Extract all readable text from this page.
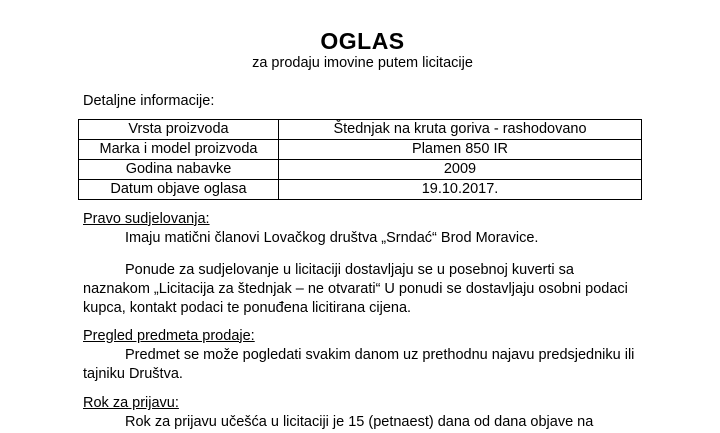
OGLAS

za prodaju imovine putem licitacije

Detaljne informacije:

Vrsta proizvoda	Štednjak na kruta goriva - rashodovano
Marka i model proizvoda	Plamen 850 IR
Godina nabavke	2009
Datum objave oglasa	19.10.2017.

Pravo sudjelovanja:

Imaju matični članovi Lovačkog društva „Srndać“ Brod Moravice.

Ponude za sudjelovanje u licitaciji dostavljaju se u posebnoj kuverti sa naznakom „Licitacija za štednjak – ne otvarati“ U ponudi se dostavljaju osobni podaci kupca, kontakt podaci te ponuđena licitirana cijena.

Pregled predmeta prodaje:

Predmet se može pogledati svakim danom uz prethodnu najavu predsjedniku ili tajniku Društva.

Rok za prijavu:

Rok za prijavu učešća u licitaciji je 15 (petnaest) dana od dana objave na
